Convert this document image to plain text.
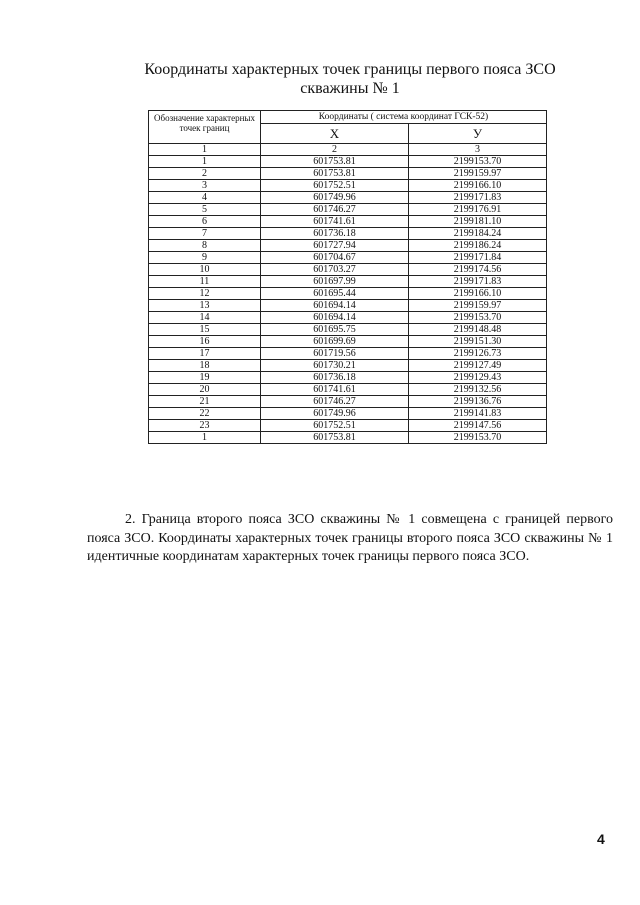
Координаты характерных точек границы первого пояса ЗСО
скважины № 1
Обозначение характерных точек границ	Координаты ( система координат ГСК-52)	
	Х	У
1	2	3
1	601753.81	2199153.70
2	601753.81	2199159.97
3	601752.51	2199166.10
4	601749.96	2199171.83
5	601746.27	2199176.91
6	601741.61	2199181.10
7	601736.18	2199184.24
8	601727.94	2199186.24
9	601704.67	2199171.84
10	601703.27	2199174.56
11	601697.99	2199171.83
12	601695.44	2199166.10
13	601694.14	2199159.97
14	601694.14	2199153.70
15	601695.75	2199148.48
16	601699.69	2199151.30
17	601719.56	2199126.73
18	601730.21	2199127.49
19	601736.18	2199129.43
20	601741.61	2199132.56
21	601746.27	2199136.76
22	601749.96	2199141.83
23	601752.51	2199147.56
1	601753.81	2199153.70
2. Граница второго пояса ЗСО скважины № 1 совмещена с границей первого пояса ЗСО. Координаты характерных точек границы второго пояса ЗСО скважины № 1 идентичные координатам характерных точек границы первого пояса ЗСО.
4
